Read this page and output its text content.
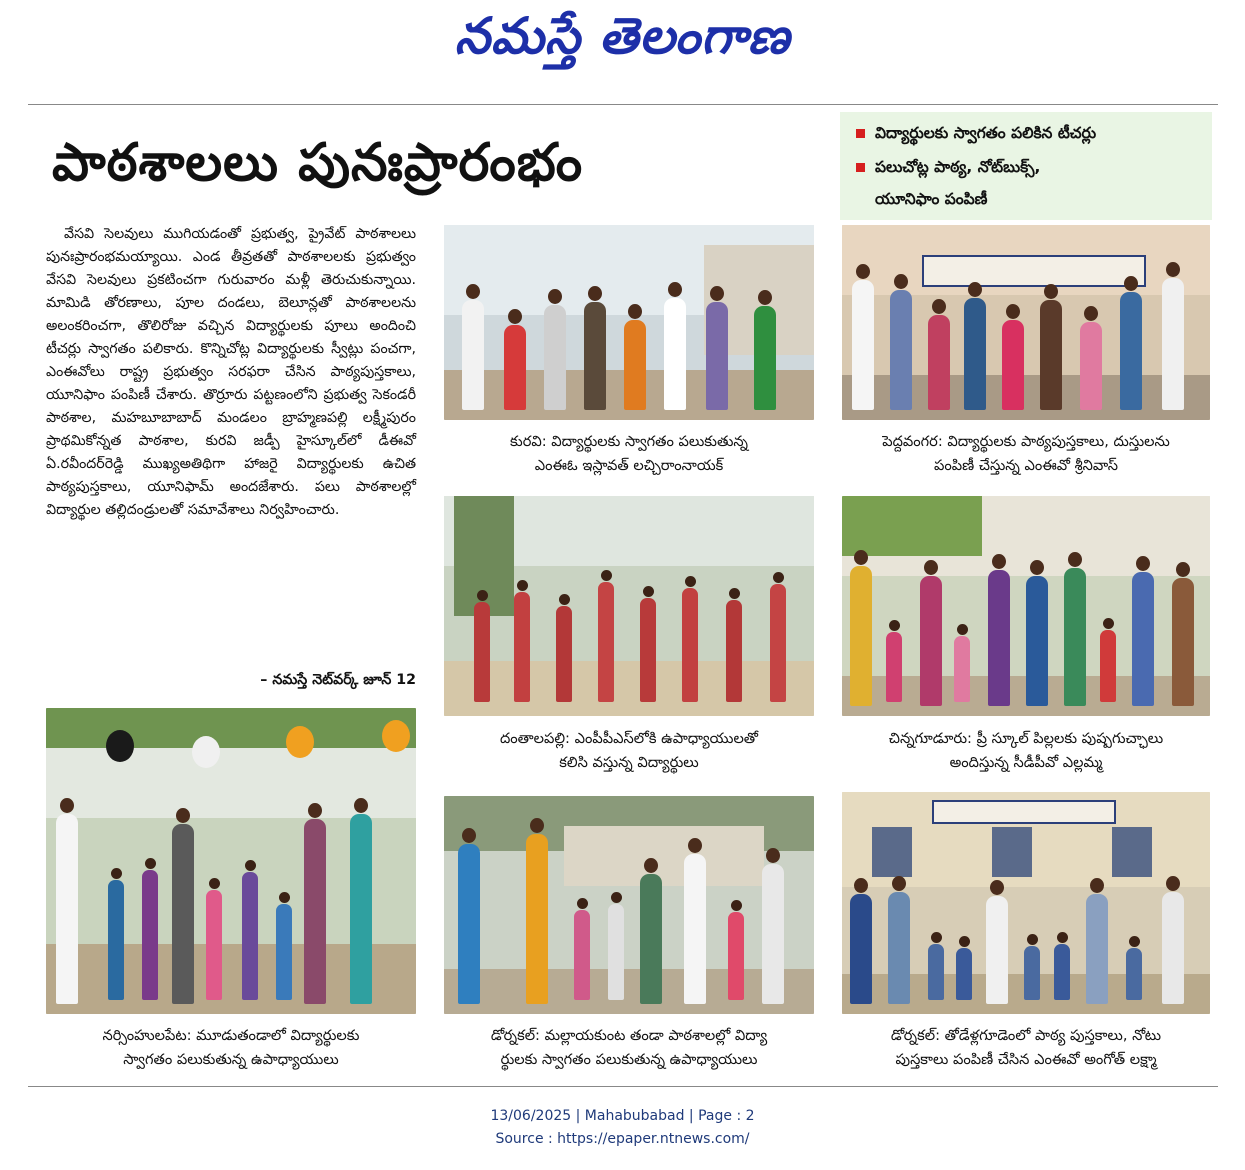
నమస్తే తెలంగాణ
పాఠశాలలు పునఃప్రారంభం	విద్యార్థులకు స్వాగతం పలికిన టీచర్లు
పలుచోట్ల పాఠ్య, నోట్‌బుక్స్‌,
యూనిఫాం పంపిణీ

వేసవి సెలవులు ముగియడంతో ప్రభుత్వ, ప్రైవేట్‌ పాఠశాలలు పునఃప్రారంభమయ్యాయి. ఎండ తీవ్రతతో పాఠశాలలకు ప్రభుత్వం వేసవి సెలవులు ప్రకటించగా గురువారం మళ్లీ తెరుచుకున్నాయి. మామిడి తోరణాలు, పూల దండలు, బెలూన్లతో పాఠశాలలను అలంకరించగా, తొలిరోజు వచ్చిన విద్యార్థులకు పూలు అందించి టీచర్లు స్వాగతం పలికారు. కొన్నిచోట్ల విద్యార్థులకు స్వీట్లు పంచగా, ఎంఈవోలు రాష్ట్ర ప్రభుత్వం సరఫరా చేసిన పాఠ్యపుస్తకాలు, యూనిఫాం పంపిణీ చేశారు. తొర్రూరు పట్టణంలోని ప్రభుత్వ సెకండరీ పాఠశాల, మహబూబాబాద్‌ మండలం బ్రాహ్మణపల్లి లక్ష్మీపురం ప్రాథమికోన్నత పాఠశాల, కురవి జడ్పీ హైస్కూల్‌లో డీఈవో ఏ.రవీందర్‌రెడ్డి ముఖ్యఅతిథిగా హాజరై విద్యార్థులకు ఉచిత పాఠ్యపుస్తకాలు, యూనిఫామ్‌ అందజేశారు. పలు పాఠశాలల్లో విద్యార్థుల తల్లిదండ్రులతో సమావేశాలు నిర్వహించారు.

– నమస్తే నెట్‌వర్క్‌ జూన్‌ 12
కురవి: విద్యార్థులకు స్వాగతం పలుకుతున్న
ఎంఈఓ ఇస్లావత్‌ లచ్చిరాంనాయక్‌
పెద్దవంగర: విద్యార్థులకు పాఠ్యపుస్తకాలు, దుస్తులను
పంపిణీ చేస్తున్న ఎంఈవో శ్రీనివాస్‌
దంతాలపల్లి: ఎంపీపీఎస్‌లోకి ఉపాధ్యాయులతో
కలిసి వస్తున్న విద్యార్థులు
చిన్నగూడూరు: ప్రీ స్కూల్‌ పిల్లలకు పుష్పగుచ్ఛాలు
అందిస్తున్న సీడీపీవో ఎల్లమ్మ
నర్సింహులపేట: మూడుతండాలో విద్యార్థులకు
స్వాగతం పలుకుతున్న ఉపాధ్యాయులు
డోర్నకల్‌: మల్లాయకుంట తండా పాఠశాలల్లో విద్యా
ర్థులకు స్వాగతం పలుకుతున్న ఉపాధ్యాయులు
డోర్నకల్‌: తోడేళ్లగూడెంలో పాఠ్య పుస్తకాలు, నోటు
పుస్తకాలు పంపిణీ చేసిన ఎంఈవో అంగోత్‌ లక్ష్మా
13/06/2025 | Mahabubabad | Page : 2
Source : https://epaper.ntnews.com/
